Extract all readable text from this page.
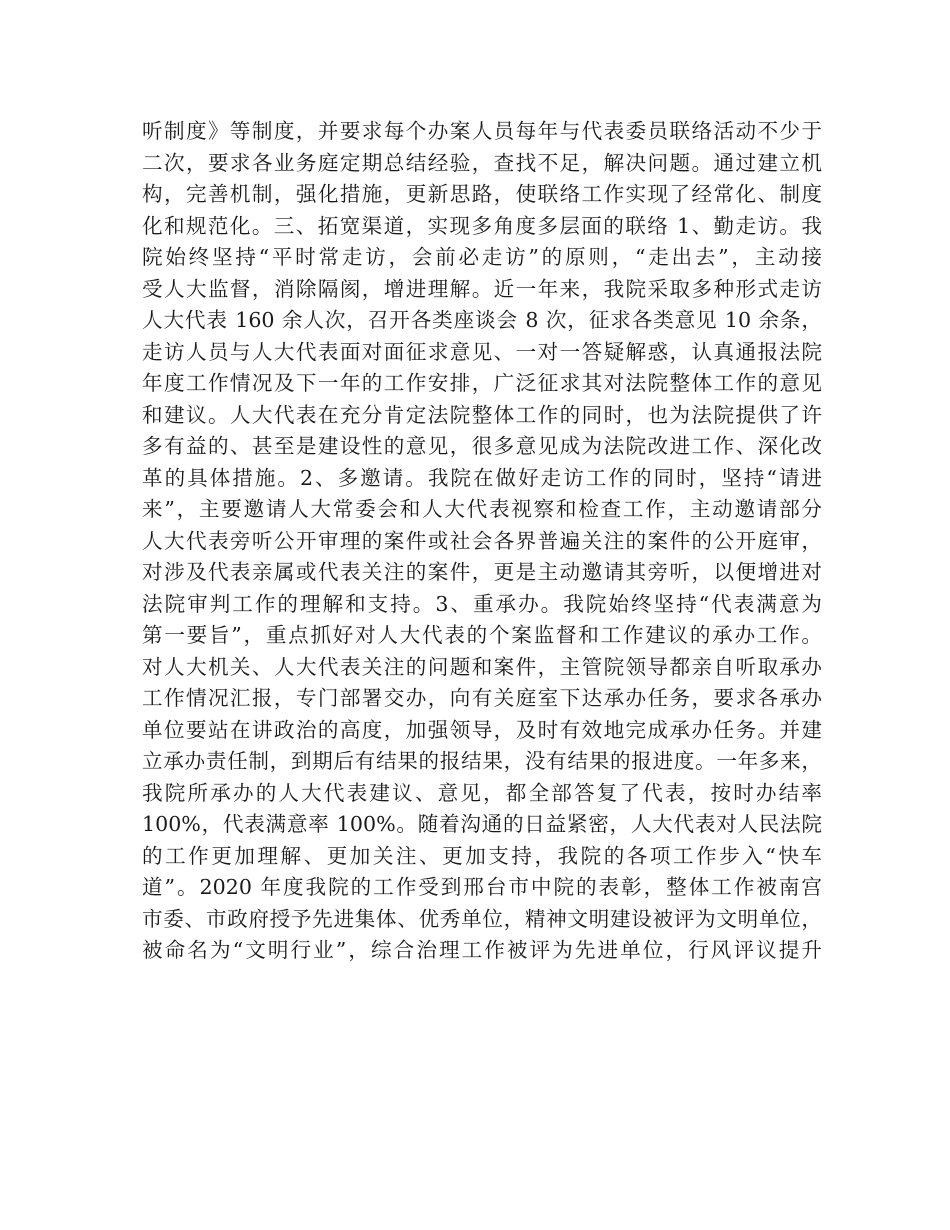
听制度》等制度，并要求每个办案人员每年与代表委员联络活动不少于
二次，要求各业务庭定期总结经验，查找不足，解决问题。通过建立机
构，完善机制，强化措施，更新思路，使联络工作实现了经常化、制度
化和规范化。三、拓宽渠道，实现多角度多层面的联络 1、勤走访。我
院始终坚持“平时常走访，会前必走访”的原则，“走出去”，主动接
受人大监督，消除隔阂，增进理解。近一年来，我院采取多种形式走访
人大代表 160 余人次，召开各类座谈会 8 次，征求各类意见 10 余条，
走访人员与人大代表面对面征求意见、一对一答疑解惑，认真通报法院
年度工作情况及下一年的工作安排，广泛征求其对法院整体工作的意见
和建议。人大代表在充分肯定法院整体工作的同时，也为法院提供了许
多有益的、甚至是建设性的意见，很多意见成为法院改进工作、深化改
革的具体措施。2、多邀请。我院在做好走访工作的同时，坚持“请进
来”，主要邀请人大常委会和人大代表视察和检查工作，主动邀请部分
人大代表旁听公开审理的案件或社会各界普遍关注的案件的公开庭审，
对涉及代表亲属或代表关注的案件，更是主动邀请其旁听，以便增进对
法院审判工作的理解和支持。3、重承办。我院始终坚持“代表满意为
第一要旨”，重点抓好对人大代表的个案监督和工作建议的承办工作。
对人大机关、人大代表关注的问题和案件，主管院领导都亲自听取承办
工作情况汇报，专门部署交办，向有关庭室下达承办任务，要求各承办
单位要站在讲政治的高度，加强领导，及时有效地完成承办任务。并建
立承办责任制，到期后有结果的报结果，没有结果的报进度。一年多来，
我院所承办的人大代表建议、意见，都全部答复了代表，按时办结率
100%，代表满意率 100%。随着沟通的日益紧密，人大代表对人民法院
的工作更加理解、更加关注、更加支持，我院的各项工作步入“快车
道”。2020 年度我院的工作受到邢台市中院的表彰，整体工作被南宫
市委、市政府授予先进集体、优秀单位，精神文明建设被评为文明单位，
被命名为“文明行业”，综合治理工作被评为先进单位，行风评议提升
